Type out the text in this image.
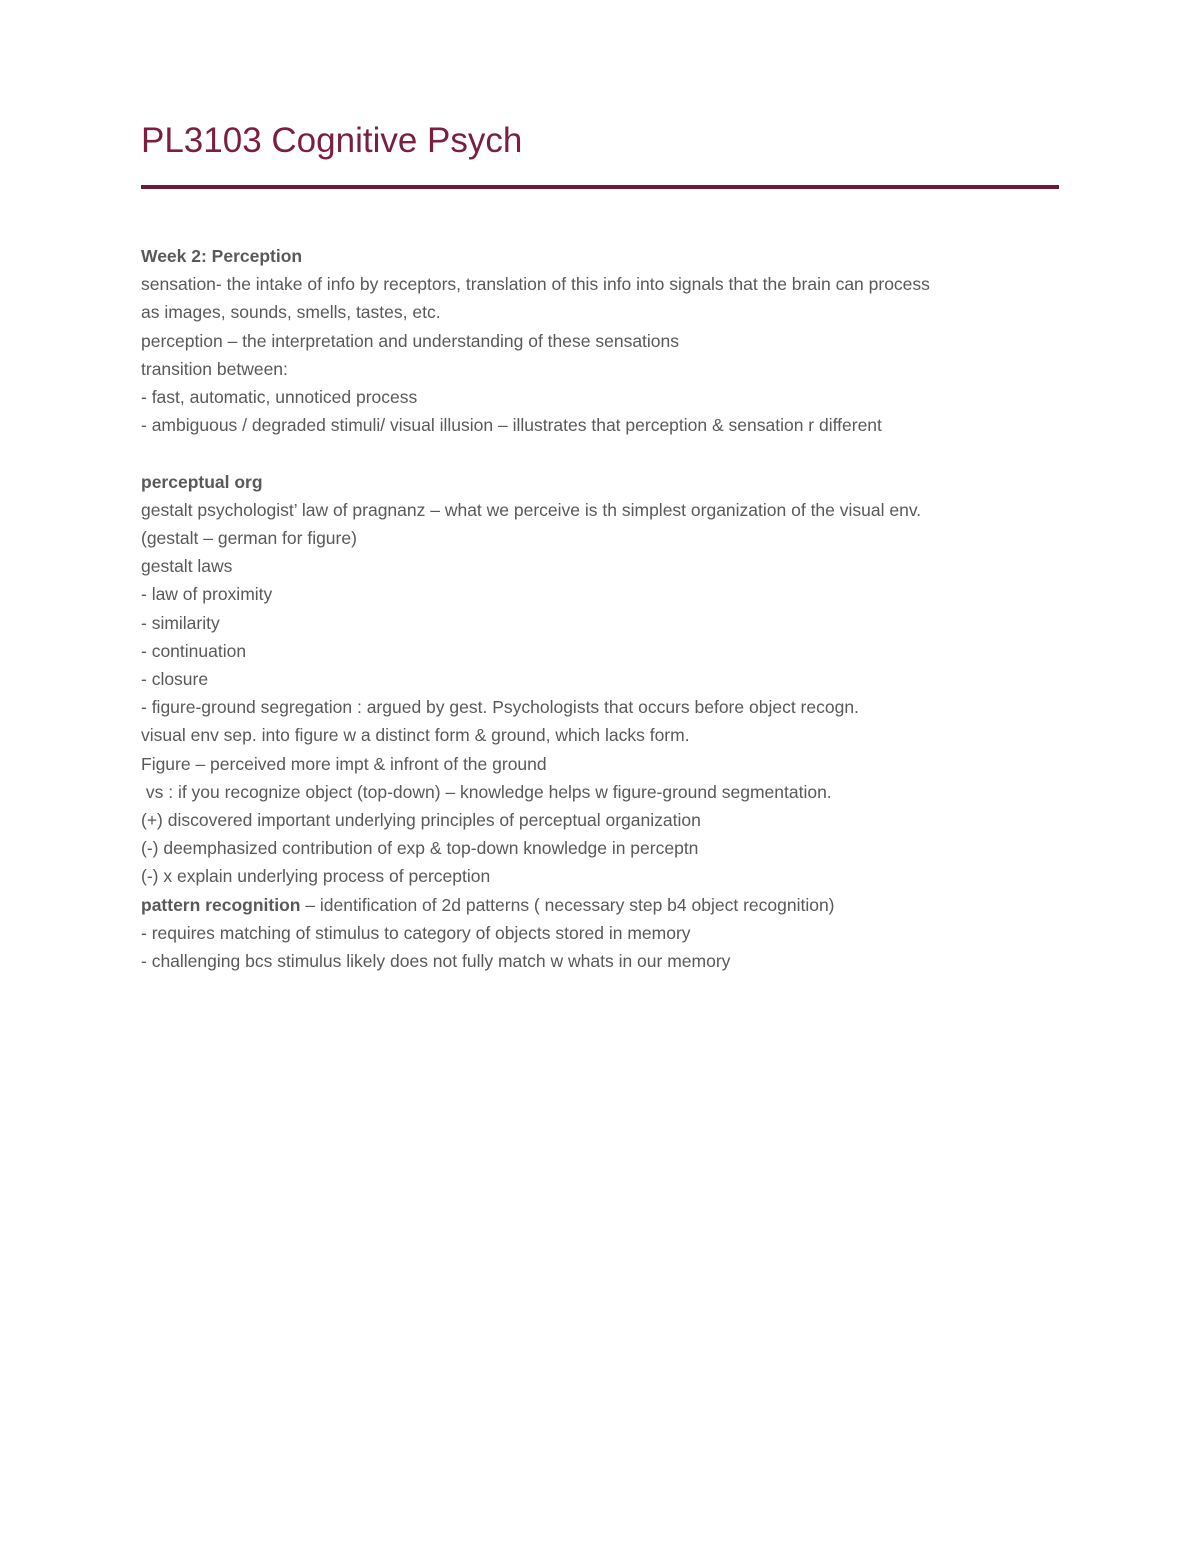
PL3103 Cognitive Psych
Week 2: Perception
sensation- the intake of info by receptors, translation of this info into signals that the brain can process
as images, sounds, smells, tastes, etc.
perception – the interpretation and understanding of these sensations
transition between:
- fast, automatic, unnoticed process
- ambiguous / degraded stimuli/ visual illusion – illustrates that perception & sensation r different
perceptual org
gestalt psychologist’ law of pragnanz – what we perceive is th simplest organization of the visual env.
(gestalt – german for figure)
gestalt laws
- law of proximity
- similarity
- continuation
- closure
- figure-ground segregation : argued by gest. Psychologists that occurs before object recogn.
visual env sep. into figure w a distinct form & ground, which lacks form.
Figure – perceived more impt & infront of the ground
vs : if you recognize object (top-down) – knowledge helps w figure-ground segmentation.
(+) discovered important underlying principles of perceptual organization
(-) deemphasized contribution of exp & top-down knowledge in perceptn
(-) x explain underlying process of perception
pattern recognition – identification of 2d patterns ( necessary step b4 object recognition)
- requires matching of stimulus to category of objects stored in memory
- challenging bcs stimulus likely does not fully match w whats in our memory
